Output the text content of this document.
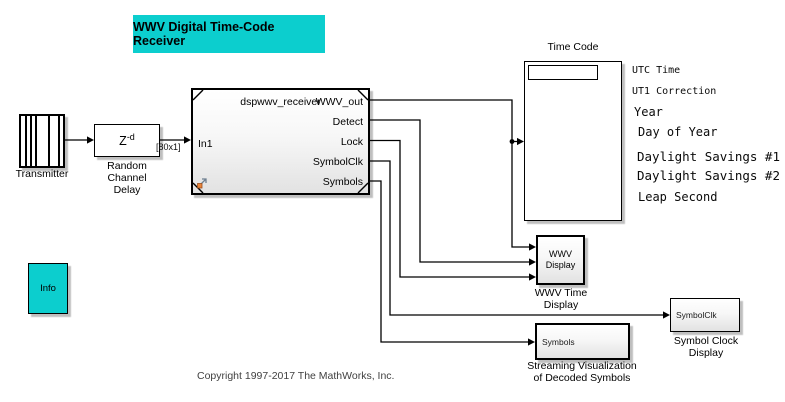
WWV Digital Time-Code Receiver
Transmitter
$Z^{-d}$
Random Channel
Delay
[80x1]
dspwwv_receiver
In1
WWV_out
Detect
Lock
SymbolClk
Symbols
Time Code
UTC Time
UT1 Correction
Year
Day of Year
Daylight Savings #1
Daylight Savings #2
Leap Second
WWV
Display
WWV Time
Display
Symbols
Streaming Visualization
of Decoded Symbols
SymbolClk
Symbol Clock Display
Info
Copyright 1997-2017 The MathWorks, Inc.
